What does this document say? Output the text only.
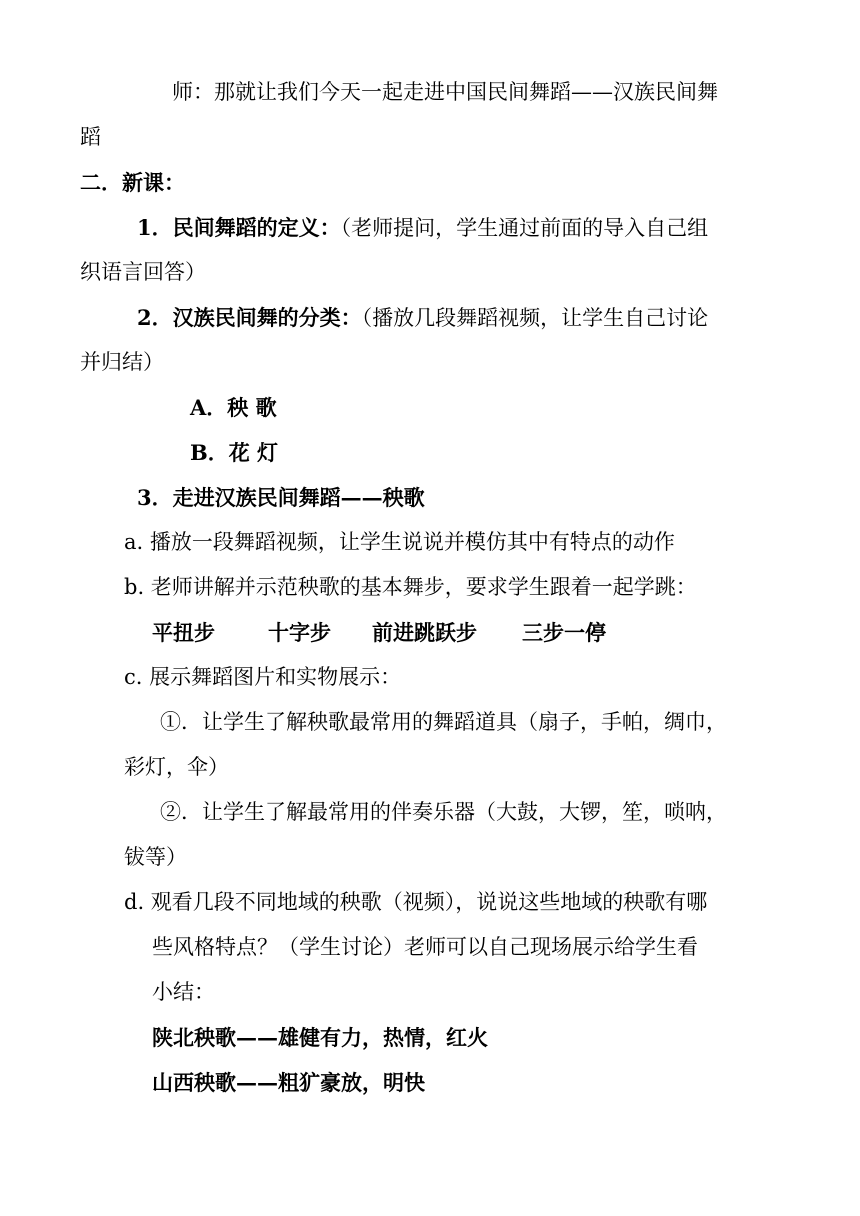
师：那就让我们今天一起走进中国民间舞蹈——汉族民间舞
蹈
二．新课：
1．民间舞蹈的定义：（老师提问，学生通过前面的导入自己组
织语言回答）
2．汉族民间舞的分类：（播放几段舞蹈视频，让学生自己讨论
并归结）
A．秧 歌
B．花 灯
3．走进汉族民间舞蹈——秧歌
a. 播放一段舞蹈视频，让学生说说并模仿其中有特点的动作
b. 老师讲解并示范秧歌的基本舞步，要求学生跟着一起学跳：
平扭步	十字步 前进跳跃步 三步一停
c. 展示舞蹈图片和实物展示：
①．让学生了解秧歌最常用的舞蹈道具（扇子，手帕，绸巾，
彩灯，伞）
②．让学生了解最常用的伴奏乐器（大鼓，大锣，笙，唢呐，
钹等）
d. 观看几段不同地域的秧歌（视频），说说这些地域的秧歌有哪
些风格特点？（学生讨论）老师可以自己现场展示给学生看
小结：
陕北秧歌——雄健有力，热情，红火
山西秧歌——粗犷豪放，明快
